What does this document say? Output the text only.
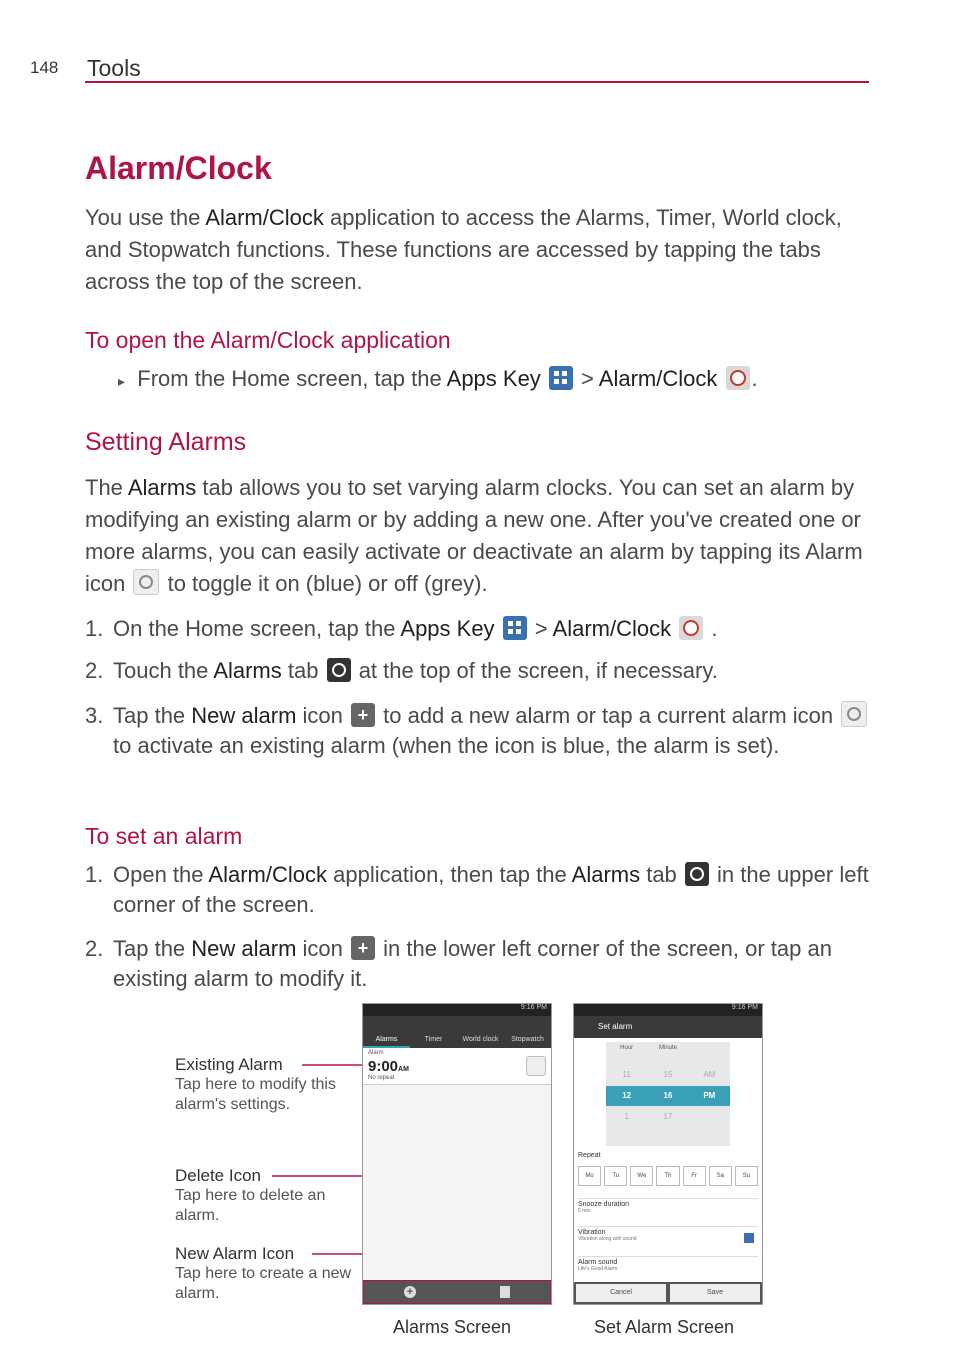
148 Tools
Alarm/Clock
You use the Alarm/Clock application to access the Alarms, Timer, World clock, and Stopwatch functions. These functions are accessed by tapping the tabs across the top of the screen.
To open the Alarm/Clock application
▸ From the Home screen, tap the Apps Key  > Alarm/Clock .
Setting Alarms
The Alarms tab allows you to set varying alarm clocks. You can set an alarm by modifying an existing alarm or by adding a new one. After you've created one or more alarms, you can easily activate or deactivate an alarm by tapping its Alarm icon  to toggle it on (blue) or off (grey).
1. On the Home screen, tap the Apps Key  > Alarm/Clock  .
2. Touch the Alarms tab  at the top of the screen, if necessary.
3. Tap the New alarm icon + to add a new alarm or tap a current alarm icon  to activate an existing alarm (when the icon is blue, the alarm is set).
To set an alarm
1. Open the Alarm/Clock application, then tap the Alarms tab  in the upper left corner of the screen.
2. Tap the New alarm icon + in the lower left corner of the screen, or tap an existing alarm to modify it.
Existing Alarm
Tap here to modify this alarm's settings.
Delete Icon
Tap here to delete an alarm.
New Alarm Icon
Tap here to create a new alarm.
9:16 PM
Alarms	Timer	World clock	Stopwatch
Alarm
9:00AM
No repeat
+
9:16 PM
Set alarm
Hour	Minute
11	15	AM
12	16	PM
1	17
Repeat
Mo	Tu	We	Th	Fr	Sa	Su
Snooze duration
5 min
Vibration
Vibration along with sound
Alarm sound
Life's Good Alarm
Cancel	Save
Alarms Screen	Set Alarm Screen
